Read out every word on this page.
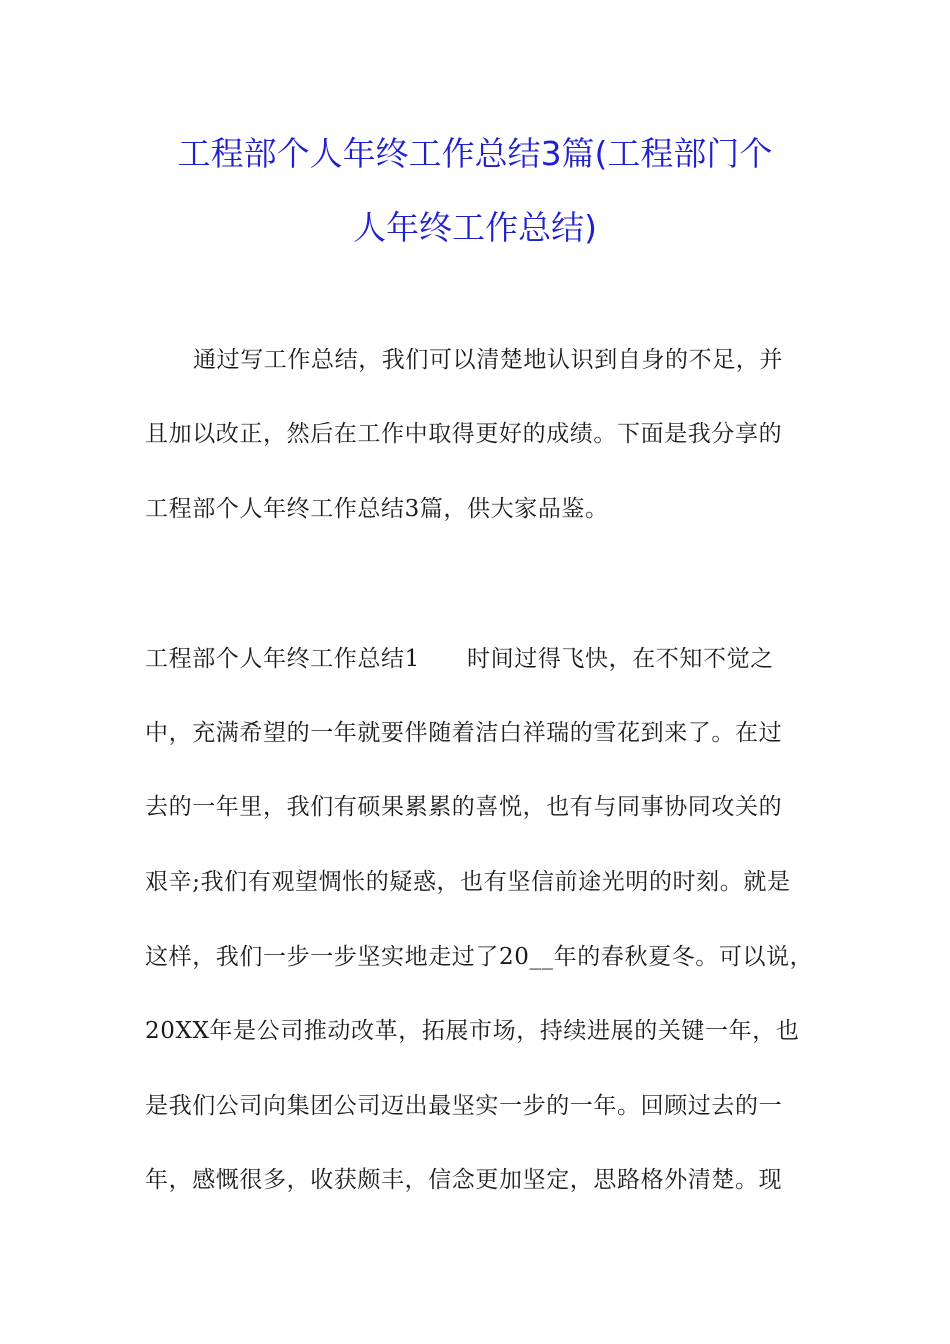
工程部个人年终工作总结3篇(工程部门个
人年终工作总结)
通过写工作总结，我们可以清楚地认识到自身的不足，并
且加以改正，然后在工作中取得更好的成绩。下面是我分享的
工程部个人年终工作总结3篇，供大家品鉴。
工程部个人年终工作总结1　　时间过得飞快，在不知不觉之
中，充满希望的一年就要伴随着洁白祥瑞的雪花到来了。在过
去的一年里，我们有硕果累累的喜悦，也有与同事协同攻关的
艰辛;我们有观望惆怅的疑惑，也有坚信前途光明的时刻。就是
这样，我们一步一步坚实地走过了20__年的春秋夏冬。可以说，
20XX年是公司推动改革，拓展市场，持续进展的关键一年，也
是我们公司向集团公司迈出最坚实一步的一年。回顾过去的一
年，感慨很多，收获颇丰，信念更加坚定，思路格外清楚。现
